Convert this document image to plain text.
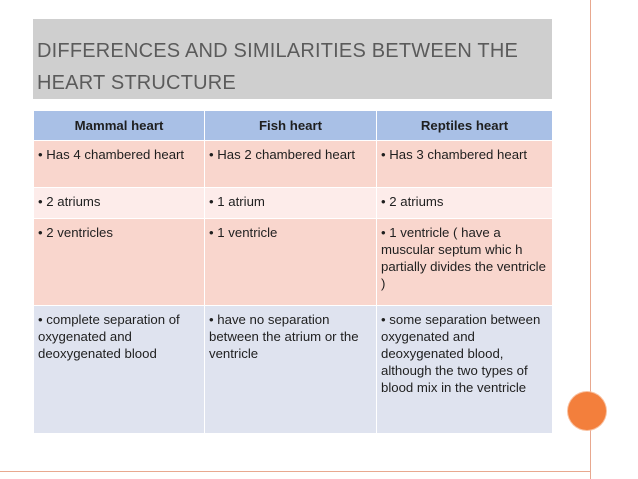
DIFFERENCES AND SIMILARITIES BETWEEN THE
HEART STRUCTURE
Mammal heart	Fish heart	Reptiles heart
• Has 4 chambered heart	• Has 2 chambered heart	• Has 3 chambered heart
• 2 atriums	• 1 atrium	• 2 atriums
• 2 ventricles	• 1 ventricle	• 1 ventricle ( have a muscular septum whic h partially divides the ventricle )
• complete separation of oxygenated and deoxygenated blood	• have no separation between the atrium or the ventricle	• some separation between oxygenated and deoxygenated blood, although the two types of blood mix in the ventricle
